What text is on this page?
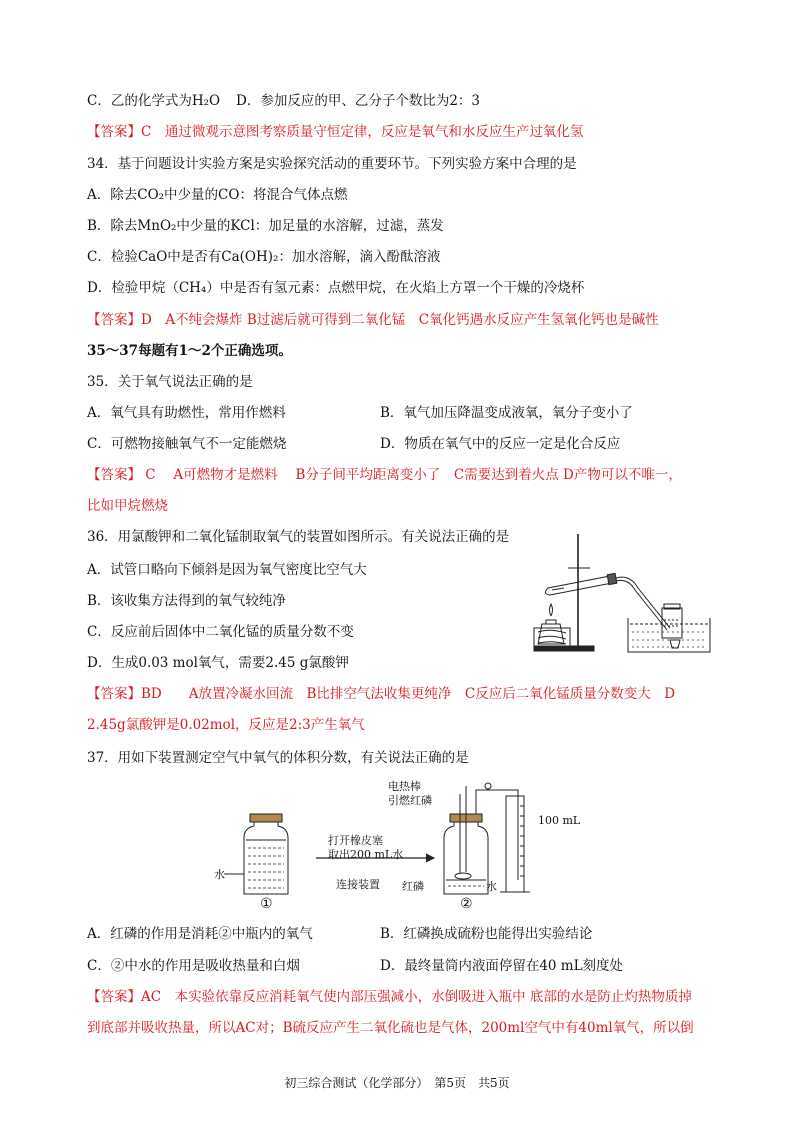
C．乙的化学式为H₂O D．参加反应的甲、乙分子个数比为2：3
【答案】C　通过微观示意图考察质量守恒定律，反应是氧气和水反应生产过氧化氢
34．基于问题设计实验方案是实验探究活动的重要环节。下列实验方案中合理的是
A．除去CO₂中少量的CO：将混合气体点燃
B．除去MnO₂中少量的KCl：加足量的水溶解，过滤，蒸发
C．检验CaO中是否有Ca(OH)₂：加水溶解，滴入酚酞溶液
D．检验甲烷（CH₄）中是否有氢元素：点燃甲烷，在火焰上方罩一个干燥的冷烧杯
【答案】D　A不纯会爆炸 B过滤后就可得到二氧化锰　C氧化钙遇水反应产生氢氧化钙也是碱性
35～37每题有1～2个正确选项。
35．关于氧气说法正确的是
A．氧气具有助燃性，常用作燃料	B．氧气加压降温变成液氧，氧分子变小了
C．可燃物接触氧气不一定能燃烧	D．物质在氧气中的反应一定是化合反应
【答案】 C　 A可燃物才是燃料　 B分子间平均距离变小了　C需要达到着火点 D产物可以不唯一，
比如甲烷燃烧
36．用氯酸钾和二氧化锰制取氧气的装置如图所示。有关说法正确的是
A．试管口略向下倾斜是因为氧气密度比空气大
B．该收集方法得到的氧气较纯净
C．反应前后固体中二氧化锰的质量分数不变
D．生成0.03 mol氧气，需要2.45 g氯酸钾
【答案】BD　　A放置冷凝水回流　B比排空气法收集更纯净　C反应后二氧化锰质量分数变大　D
2.45g氯酸钾是0.02mol，反应是2:3产生氧气
37．用如下装置测定空气中氧气的体积分数，有关说法正确的是
水
打开橡皮塞
取出200 mL水
连接装置
①	②
电热棒
引燃红磷
红磷	水
100 mL
A．红磷的作用是消耗②中瓶内的氧气	B．红磷换成硫粉也能得出实验结论
C．②中水的作用是吸收热量和白烟	D．最终量筒内液面停留在40 mL刻度处
【答案】AC　本实验依靠反应消耗氧气使内部压强减小，水倒吸进入瓶中 底部的水是防止灼热物质掉
到底部并吸收热量，所以AC对；B硫反应产生二氧化硫也是气体，200ml空气中有40ml氧气，所以倒
初三综合测试（化学部分）　第5页　共5页
